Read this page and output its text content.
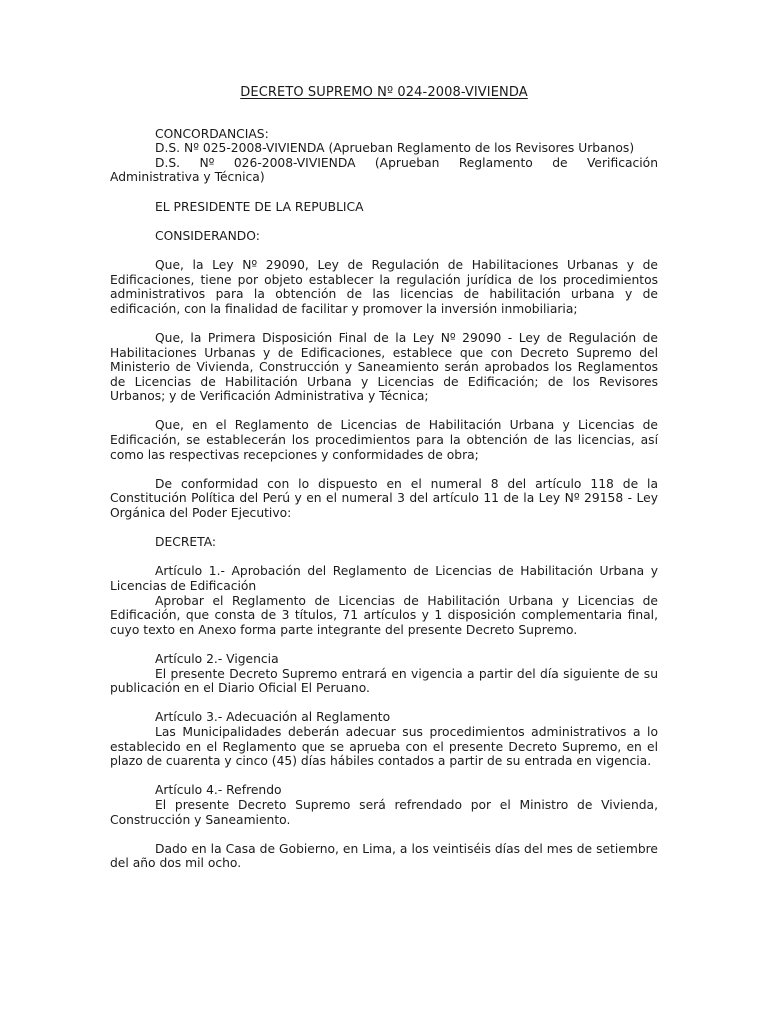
DECRETO SUPREMO Nº 024-2008-VIVIENDA

CONCORDANCIAS:

D.S. Nº 025-2008-VIVIENDA (Aprueban Reglamento de los Revisores Urbanos)

D.S. Nº 026-2008-VIVIENDA (Aprueban Reglamento de Verificación Administrativa y Técnica)

EL PRESIDENTE DE LA REPUBLICA

CONSIDERANDO:

Que, la Ley Nº 29090, Ley de Regulación de Habilitaciones Urbanas y de Edificaciones, tiene por objeto establecer la regulación jurídica de los procedimientos administrativos para la obtención de las licencias de habilitación urbana y de edificación, con la finalidad de facilitar y promover la inversión inmobiliaria;

Que, la Primera Disposición Final de la Ley Nº 29090 - Ley de Regulación de Habilitaciones Urbanas y de Edificaciones, establece que con Decreto Supremo del Ministerio de Vivienda, Construcción y Saneamiento serán aprobados los Reglamentos de Licencias de Habilitación Urbana y Licencias de Edificación; de los Revisores Urbanos; y de Verificación Administrativa y Técnica;

Que, en el Reglamento de Licencias de Habilitación Urbana y Licencias de Edificación, se establecerán los procedimientos para la obtención de las licencias, así como las respectivas recepciones y conformidades de obra;

De conformidad con lo dispuesto en el numeral 8 del artículo 118 de la Constitución Política del Perú y en el numeral 3 del artículo 11 de la Ley Nº 29158 - Ley Orgánica del Poder Ejecutivo:

DECRETA:

Artículo 1.- Aprobación del Reglamento de Licencias de Habilitación Urbana y Licencias de Edificación

Aprobar el Reglamento de Licencias de Habilitación Urbana y Licencias de Edificación, que consta de 3 títulos, 71 artículos y 1 disposición complementaria final, cuyo texto en Anexo forma parte integrante del presente Decreto Supremo.

Artículo 2.- Vigencia

El presente Decreto Supremo entrará en vigencia a partir del día siguiente de su publicación en el Diario Oficial El Peruano.

Artículo 3.- Adecuación al Reglamento

Las Municipalidades deberán adecuar sus procedimientos administrativos a lo establecido en el Reglamento que se aprueba con el presente Decreto Supremo, en el plazo de cuarenta y cinco (45) días hábiles contados a partir de su entrada en vigencia.

Artículo 4.- Refrendo

El presente Decreto Supremo será refrendado por el Ministro de Vivienda, Construcción y Saneamiento.

Dado en la Casa de Gobierno, en Lima, a los veintiséis días del mes de setiembre del año dos mil ocho.
